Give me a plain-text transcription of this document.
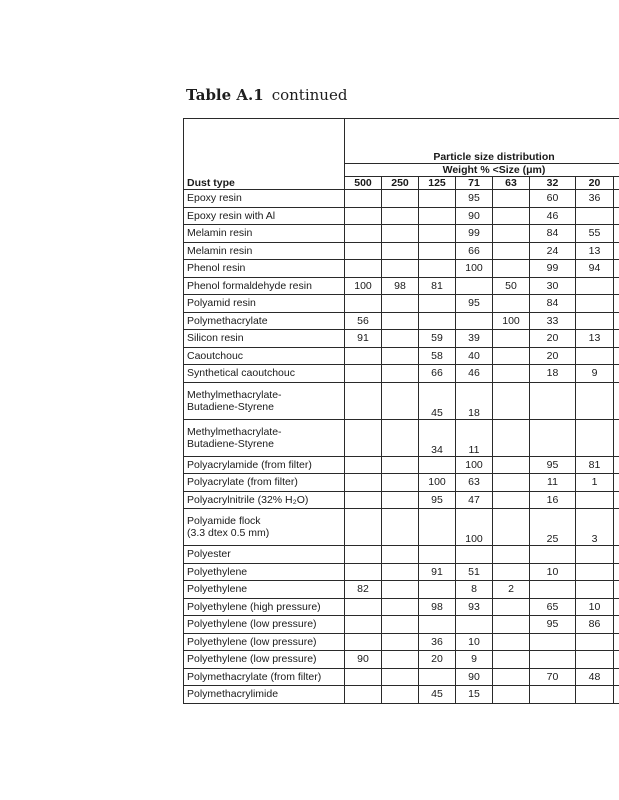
Table A.1 continued
Dust type								
	Particle size distribution							
	Weight % <Size (μm)							
	500	250	125	71	63	32	20	
Epoxy resin				95		60	36	
Epoxy resin with Al				90		46		
Melamin resin				99		84	55	
Melamin resin				66		24	13	
Phenol resin				100		99	94	
Phenol formaldehyde resin	100	98	81		50	30		
Polyamid resin				95		84		
Polymethacrylate	56				100	33		
Silicon resin	91		59	39		20	13	
Caoutchouc			58	40		20		
Synthetical caoutchouc			66	46		18	9	
Methylmethacrylate-
Butadiene-Styrene			45	18				
Methylmethacrylate-
Butadiene-Styrene			34	11				
Polyacrylamide (from filter)				100		95	81	
Polyacrylate (from filter)			100	63		11	1	
Polyacrylnitrile (32% H₂O)			95	47		16		
Polyamide flock
(3.3 dtex 0.5 mm)				100		25	3	
Polyester								
Polyethylene			91	51		10		
Polyethylene	82			8	2			
Polyethylene (high pressure)			98	93		65	10	
Polyethylene (low pressure)						95	86	
Polyethylene (low pressure)			36	10				
Polyethylene (low pressure)	90		20	9				
Polymethacrylate (from filter)				90		70	48	
Polymethacrylimide			45	15				
